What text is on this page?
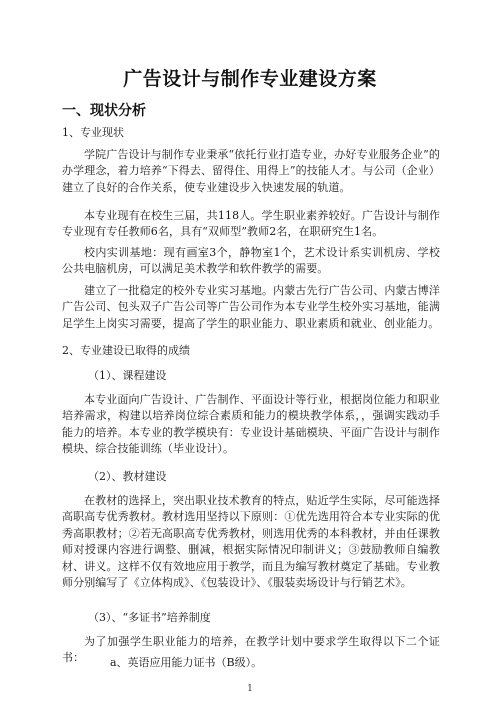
广告设计与制作专业建设方案
一、现状分析
1、专业现状
学院广告设计与制作专业秉承“依托行业打造专业，办好专业服务企业”的办学理念，着力培养“下得去、留得住、用得上”的技能人才。与公司（企业）建立了良好的合作关系，使专业建设步入快速发展的轨道。
本专业现有在校生三届，共118人。学生职业素养较好。广告设计与制作专业现有专任教师6名，具有“双师型”教师2名，在职研究生1名。
校内实训基地：现有画室3个，静物室1个，艺术设计系实训机房、学校公共电脑机房，可以满足美术教学和软件教学的需要。
建立了一批稳定的校外专业实习基地。内蒙古先行广告公司、内蒙古博洋广告公司、包头双子广告公司等广告公司作为本专业学生校外实习基地，能满足学生上岗实习需要，提高了学生的职业能力、职业素质和就业、创业能力。
2、专业建设已取得的成绩
（1）、课程建设
本专业面向广告设计、广告制作、平面设计等行业，根据岗位能力和职业培养需求，构建以培养岗位综合素质和能力的模块教学体系，，强调实践动手能力的培养。本专业的教学模块有：专业设计基础模块、平面广告设计与制作模块、综合技能训练（毕业设计）。
（2）、教材建设
在教材的选择上，突出职业技术教育的特点，贴近学生实际，尽可能选择高职高专优秀教材。教材选用坚持以下原则：①优先选用符合本专业实际的优秀高职教材；②若无高职高专优秀教材，则选用优秀的本科教材，并由任课教师对授课内容进行调整、删减，根据实际情况印制讲义；③鼓励教师自编教材、讲义。这样不仅有效地应用于教学，而且为编写教材奠定了基础。专业教师分别编写了《立体构成》、《包装设计》、《服装卖场设计与行销艺术》。
（3）、“多证书”培养制度
为了加强学生职业能力的培养，在教学计划中要求学生取得以下二个证书：	a、英语应用能力证书（B级）。
1
